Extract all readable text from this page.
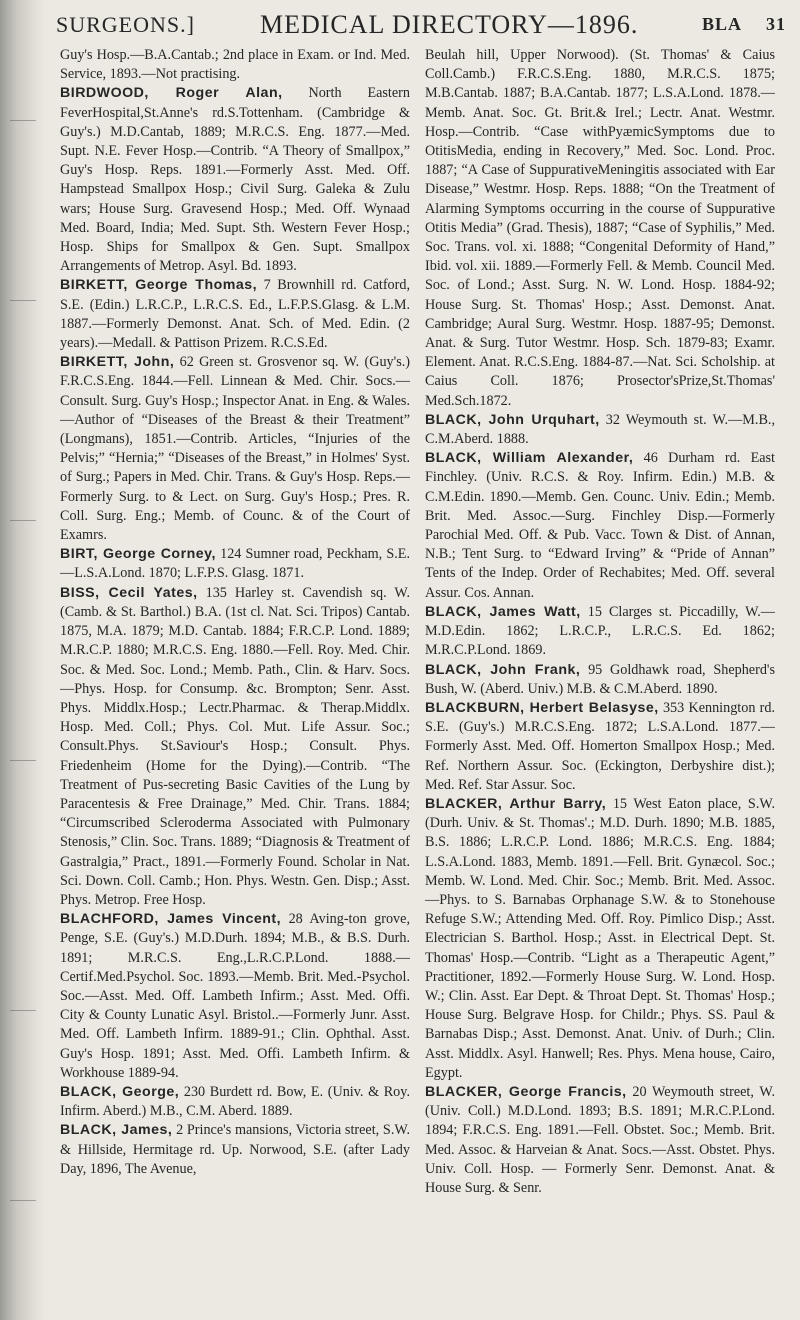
SURGEONS.]	MEDICAL DIRECTORY—1896.	BLA 31

Guy's Hosp.—B.A.Cantab.; 2nd place in Exam. or Ind. Med. Service, 1893.—Not practising.

BIRDWOOD, Roger Alan, North Eastern FeverHospital,St.Anne's rd.S.Tottenham. (Cambridge & Guy's.) M.D.Cantab, 1889; M.R.C.S. Eng. 1877.—Med. Supt. N.E. Fever Hosp.—Contrib. “A Theory of Smallpox,” Guy's Hosp. Reps. 1891.—Formerly Asst. Med. Off. Hampstead Smallpox Hosp.; Civil Surg. Galeka & Zulu wars; House Surg. Gravesend Hosp.; Med. Off. Wynaad Med. Board, India; Med. Supt. Sth. Western Fever Hosp.; Hosp. Ships for Smallpox & Gen. Supt. Smallpox Arrangements of Metrop. Asyl. Bd. 1893.

BIRKETT, George Thomas, 7 Brownhill rd. Catford, S.E. (Edin.) L.R.C.P., L.R.C.S. Ed., L.F.P.S.Glasg. & L.M. 1887.—Formerly Demonst. Anat. Sch. of Med. Edin. (2 years).—Medall. & Pattison Prizem. R.C.S.Ed.

BIRKETT, John, 62 Green st. Grosvenor sq. W. (Guy's.) F.R.C.S.Eng. 1844.—Fell. Linnean & Med. Chir. Socs.—Consult. Surg. Guy's Hosp.; Inspector Anat. in Eng. & Wales.—Author of “Diseases of the Breast & their Treatment” (Longmans), 1851.—Contrib. Articles, “Injuries of the Pelvis;” “Hernia;” “Diseases of the Breast,” in Holmes' Syst. of Surg.; Papers in Med. Chir. Trans. & Guy's Hosp. Reps.—Formerly Surg. to & Lect. on Surg. Guy's Hosp.; Pres. R. Coll. Surg. Eng.; Memb. of Counc. & of the Court of Examrs.

BIRT, George Corney, 124 Sumner road, Peckham, S.E.—L.S.A.Lond. 1870; L.F.P.S. Glasg. 1871.

BISS, Cecil Yates, 135 Harley st. Cavendish sq. W. (Camb. & St. Barthol.) B.A. (1st cl. Nat. Sci. Tripos) Cantab. 1875, M.A. 1879; M.D. Cantab. 1884; F.R.C.P. Lond. 1889; M.R.C.P. 1880; M.R.C.S. Eng. 1880.—Fell. Roy. Med. Chir. Soc. & Med. Soc. Lond.; Memb. Path., Clin. & Harv. Socs.—Phys. Hosp. for Consump. &c. Brompton; Senr. Asst. Phys. Middlx.Hosp.; Lectr.Pharmac. & Therap.Middlx. Hosp. Med. Coll.; Phys. Col. Mut. Life Assur. Soc.; Consult.Phys. St.Saviour's Hosp.; Consult. Phys. Friedenheim (Home for the Dying).—Contrib. “The Treatment of Pus-secreting Basic Cavities of the Lung by Paracentesis & Free Drainage,” Med. Chir. Trans. 1884; “Circumscribed Scleroderma Associated with Pulmonary Stenosis,” Clin. Soc. Trans. 1889; “Diagnosis & Treatment of Gastralgia,” Pract., 1891.—Formerly Found. Scholar in Nat. Sci. Down. Coll. Camb.; Hon. Phys. Westn. Gen. Disp.; Asst. Phys. Metrop. Free Hosp.

BLACHFORD, James Vincent, 28 Aving-ton grove, Penge, S.E. (Guy's.) M.D.Durh. 1894; M.B., & B.S. Durh. 1891; M.R.C.S. Eng.,L.R.C.P.Lond. 1888.—Certif.Med.Psychol. Soc. 1893.—Memb. Brit. Med.-Psychol. Soc.—Asst. Med. Off. Lambeth Infirm.; Asst. Med. Offi. City & County Lunatic Asyl. Bristol..—Formerly Junr. Asst. Med. Off. Lambeth Infirm. 1889-91.; Clin. Ophthal. Asst. Guy's Hosp. 1891; Asst. Med. Offi. Lambeth Infirm. & Workhouse 1889-94.

BLACK, George, 230 Burdett rd. Bow, E. (Univ. & Roy. Infirm. Aberd.) M.B., C.M. Aberd. 1889.

BLACK, James, 2 Prince's mansions, Victoria street, S.W. & Hillside, Hermitage rd. Up. Norwood, S.E. (after Lady Day, 1896, The Avenue,

Beulah hill, Upper Norwood). (St. Thomas' & Caius Coll.Camb.) F.R.C.S.Eng. 1880, M.R.C.S. 1875; M.B.Cantab. 1887; B.A.Cantab. 1877; L.S.A.Lond. 1878.—Memb. Anat. Soc. Gt. Brit.& Irel.; Lectr. Anat. Westmr. Hosp.—Contrib. “Case withPyæmicSymptoms due to OtitisMedia, ending in Recovery,” Med. Soc. Lond. Proc. 1887; “A Case of SuppurativeMeningitis associated with Ear Disease,” Westmr. Hosp. Reps. 1888; “On the Treatment of Alarming Symptoms occurring in the course of Suppurative Otitis Media” (Grad. Thesis), 1887; “Case of Syphilis,” Med. Soc. Trans. vol. xi. 1888; “Congenital Deformity of Hand,” Ibid. vol. xii. 1889.—Formerly Fell. & Memb. Council Med. Soc. of Lond.; Asst. Surg. N. W. Lond. Hosp. 1884-92; House Surg. St. Thomas' Hosp.; Asst. Demonst. Anat. Cambridge; Aural Surg. Westmr. Hosp. 1887-95; Demonst. Anat. & Surg. Tutor Westmr. Hosp. Sch. 1879-83; Examr. Element. Anat. R.C.S.Eng. 1884-87.—Nat. Sci. Scholship. at Caius Coll. 1876; Prosector'sPrize,St.Thomas' Med.Sch.1872.

BLACK, John Urquhart, 32 Weymouth st. W.—M.B., C.M.Aberd. 1888.

BLACK, William Alexander, 46 Durham rd. East Finchley. (Univ. R.C.S. & Roy. Infirm. Edin.) M.B. & C.M.Edin. 1890.—Memb. Gen. Counc. Univ. Edin.; Memb. Brit. Med. Assoc.—Surg. Finchley Disp.—Formerly Parochial Med. Off. & Pub. Vacc. Town & Dist. of Annan, N.B.; Tent Surg. to “Edward Irving” & “Pride of Annan” Tents of the Indep. Order of Rechabites; Med. Off. several Assur. Cos. Annan.

BLACK, James Watt, 15 Clarges st. Piccadilly, W.—M.D.Edin. 1862; L.R.C.P., L.R.C.S. Ed. 1862; M.R.C.P.Lond. 1869.

BLACK, John Frank, 95 Goldhawk road, Shepherd's Bush, W. (Aberd. Univ.) M.B. & C.M.Aberd. 1890.

BLACKBURN, Herbert Belasyse, 353 Kennington rd. S.E. (Guy's.) M.R.C.S.Eng. 1872; L.S.A.Lond. 1877.—Formerly Asst. Med. Off. Homerton Smallpox Hosp.; Med. Ref. Northern Assur. Soc. (Eckington, Derbyshire dist.); Med. Ref. Star Assur. Soc.

BLACKER, Arthur Barry, 15 West Eaton place, S.W. (Durh. Univ. & St. Thomas'.; M.D. Durh. 1890; M.B. 1885, B.S. 1886; L.R.C.P. Lond. 1886; M.R.C.S. Eng. 1884; L.S.A.Lond. 1883, Memb. 1891.—Fell. Brit. Gynæcol. Soc.; Memb. W. Lond. Med. Chir. Soc.; Memb. Brit. Med. Assoc.—Phys. to S. Barnabas Orphanage S.W. & to Stonehouse Refuge S.W.; Attending Med. Off. Roy. Pimlico Disp.; Asst. Electrician S. Barthol. Hosp.; Asst. in Electrical Dept. St. Thomas' Hosp.—Contrib. “Light as a Therapeutic Agent,” Practitioner, 1892.—Formerly House Surg. W. Lond. Hosp. W.; Clin. Asst. Ear Dept. & Throat Dept. St. Thomas' Hosp.; House Surg. Belgrave Hosp. for Childr.; Phys. SS. Paul & Barnabas Disp.; Asst. Demonst. Anat. Univ. of Durh.; Clin. Asst. Middlx. Asyl. Hanwell; Res. Phys. Mena house, Cairo, Egypt.

BLACKER, George Francis, 20 Weymouth street, W. (Univ. Coll.) M.D.Lond. 1893; B.S. 1891; M.R.C.P.Lond. 1894; F.R.C.S. Eng. 1891.—Fell. Obstet. Soc.; Memb. Brit. Med. Assoc. & Harveian & Anat. Socs.—Asst. Obstet. Phys. Univ. Coll. Hosp. — Formerly Senr. Demonst. Anat. & House Surg. & Senr.
